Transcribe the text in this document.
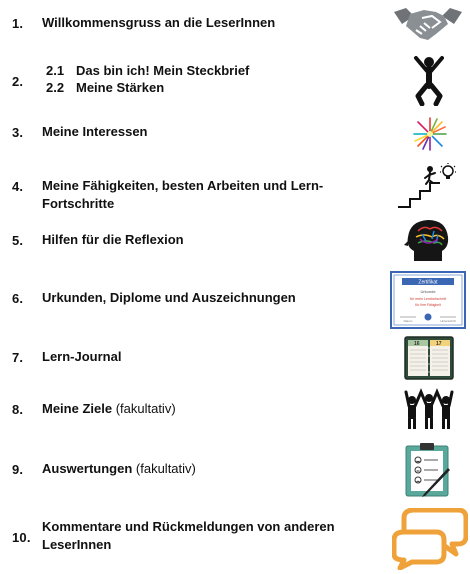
1. Willkommensgruss an die LeserInnen
2.
2.1 Das bin ich! Mein Steckbrief
2.2 Meine Stärken
3. Meine Interessen
4. Meine Fähigkeiten, besten Arbeiten und Lern-Fortschritte
5. Hilfen für die Reflexion
6. Urkunden, Diplome und Auszeichnungen
Zertifikat
Urkunde
für mein Lernfortschritt
für Ihre Fähigkeit
Datum	Unterschrift
7. Lern-Journal
16	17
8. Meine Ziele (fakultativ)
9. Auswertungen (fakultativ)
10.
Kommentare und Rückmeldungen von anderen LeserInnen
